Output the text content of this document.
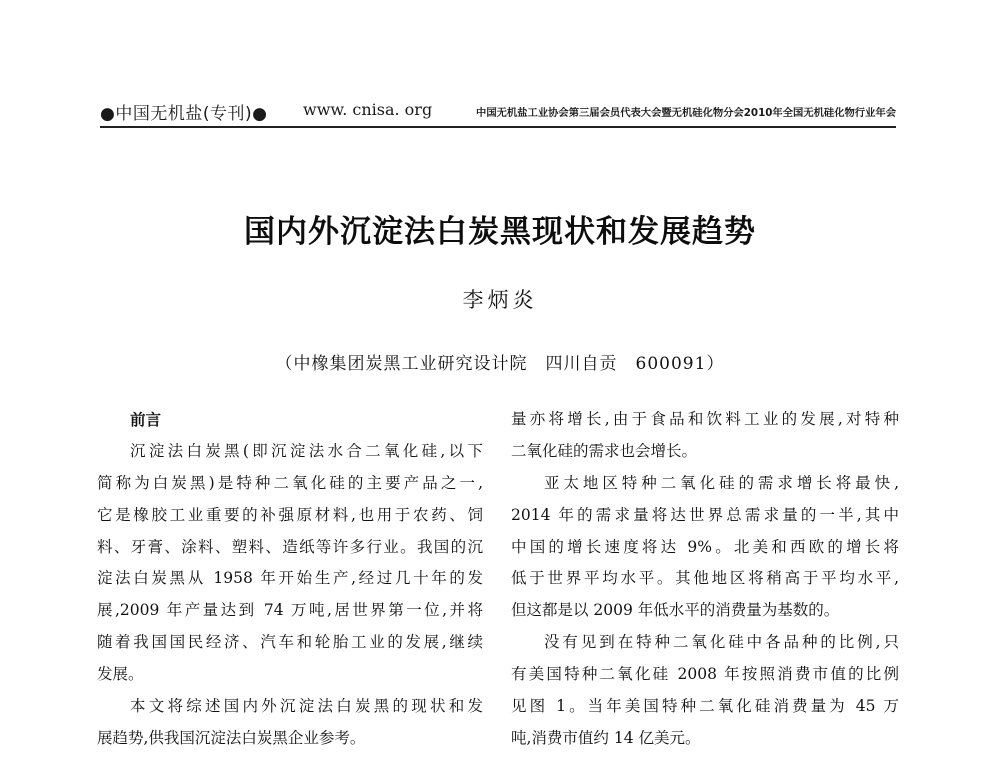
●中国无机盐(专刊)● www. cnisa. org	中国无机盐工业协会第三届会员代表大会暨无机硅化物分会2010年全国无机硅化物行业年会
国内外沉淀法白炭黑现状和发展趋势
李炳炎
（中橡集团炭黑工业研究设计院　四川自贡　600091）
前言
沉淀法白炭黑(即沉淀法水合二氧化硅,以下
简称为白炭黑)是特种二氧化硅的主要产品之一,
它是橡胶工业重要的补强原材料,也用于农药、饲
料、牙膏、涂料、塑料、造纸等许多行业。我国的沉
淀法白炭黑从 1958 年开始生产,经过几十年的发
展,2009 年产量达到 74 万吨,居世界第一位,并将
随着我国国民经济、汽车和轮胎工业的发展,继续
发展。
本文将综述国内外沉淀法白炭黑的现状和发
展趋势,供我国沉淀法白炭黑企业参考。
量亦将增长,由于食品和饮料工业的发展,对特种
二氧化硅的需求也会增长。
亚太地区特种二氧化硅的需求增长将最快,
2014 年的需求量将达世界总需求量的一半,其中
中国的增长速度将达 9%。北美和西欧的增长将
低于世界平均水平。其他地区将稍高于平均水平,
但这都是以 2009 年低水平的消费量为基数的。
没有见到在特种二氧化硅中各品种的比例,只
有美国特种二氧化硅 2008 年按照消费市值的比例
见图 1。当年美国特种二氧化硅消费量为 45 万
吨,消费市值约 14 亿美元。
